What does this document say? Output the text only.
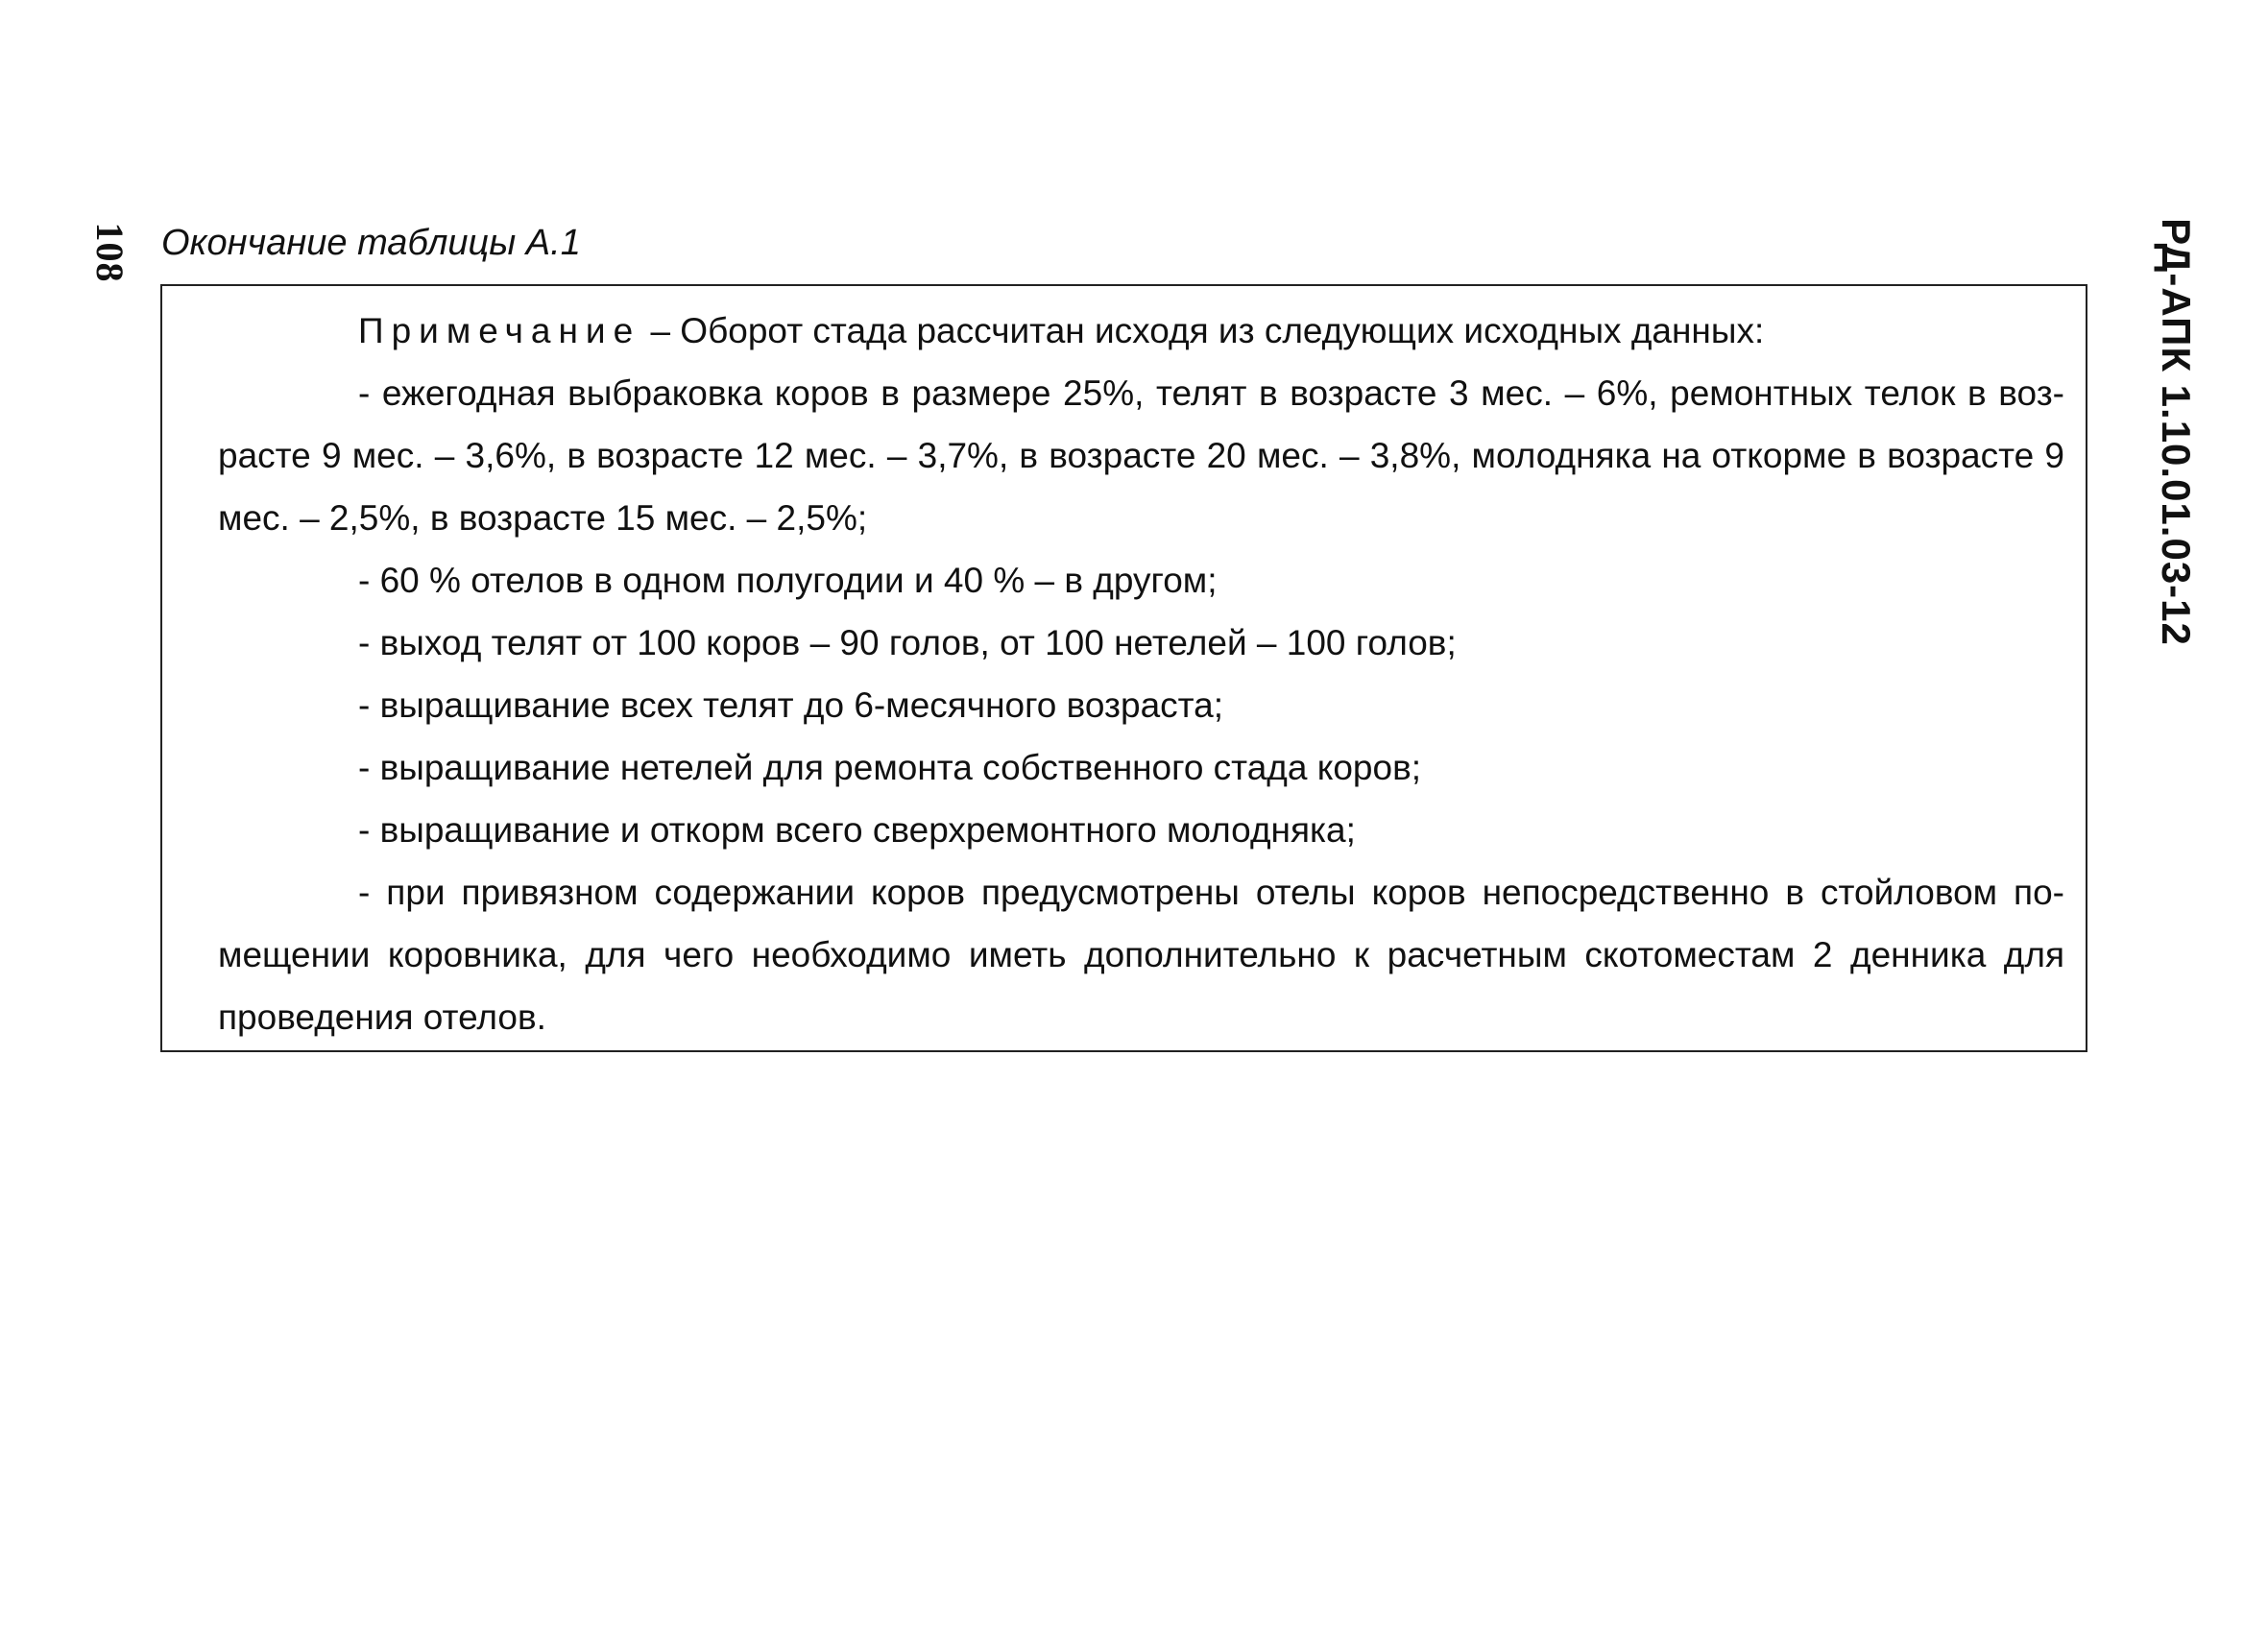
108	РД-АПК 1.10.01.03-12
Окончание таблицы А.1

Примечание – Оборот стада рассчитан исходя из следующих исходных данных:

- ежегодная выбраковка коров в размере 25%, телят в возрасте 3 мес. – 6%, ремонтных телок в воз-расте 9 мес. – 3,6%, в возрасте 12 мес. – 3,7%, в возрасте 20 мес. – 3,8%, молодняка на откорме в возрасте 9 мес. – 2,5%, в возрасте 15 мес. – 2,5%;

- 60 % отелов в одном полугодии и 40 % – в другом;

- выход телят от 100 коров – 90 голов, от 100 нетелей – 100 голов;

- выращивание всех телят до 6-месячного возраста;

- выращивание нетелей для ремонта собственного стада коров;

- выращивание и откорм всего сверхремонтного молодняка;

- при привязном содержании коров предусмотрены отелы коров непосредственно в стойловом по-мещении коровника, для чего необходимо иметь дополнительно к расчетным скотоместам 2 денника для проведения отелов.
